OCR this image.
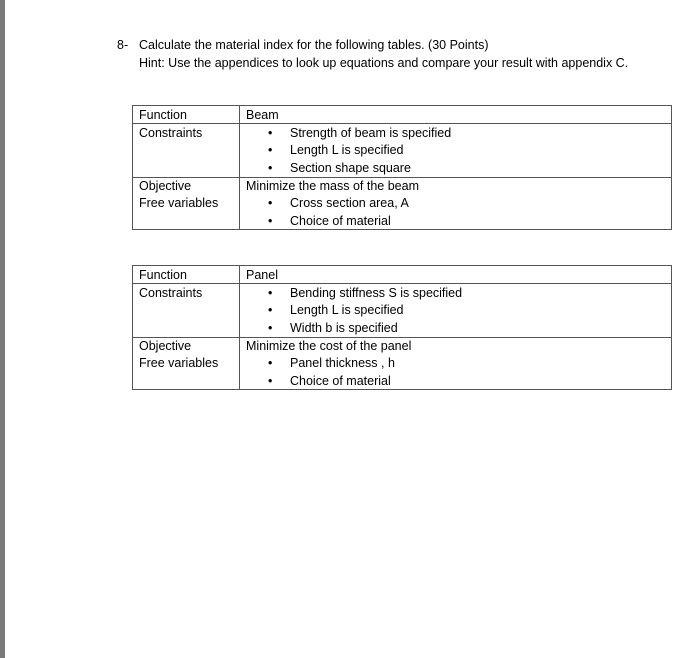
8- Calculate the material index for the following tables. (30 Points)
Hint: Use the appendices to look up equations and compare your result with appendix C.
Function	Beam
Constraints	• Strength of beam is specified
• Length L is specified
• Section shape square
Objective	Minimize the mass of the beam
Free variables	• Cross section area, A
• Choice of material
Function	Panel
Constraints	• Bending stiffness S is specified
• Length L is specified
• Width b is specified
Objective	Minimize the cost of the panel
Free variables	• Panel thickness , h
• Choice of material
